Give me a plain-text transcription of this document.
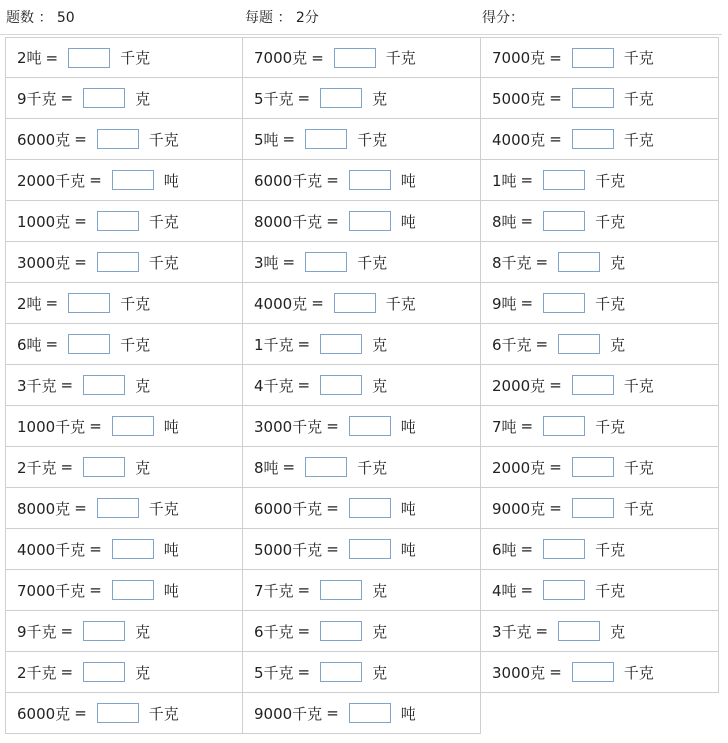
题数 ： 50	每题 ： 2分	得分：
2吨 =	千克	7000克 =	千克	7000克 =	千克
9千克 =	克	5千克 =	克	5000克 =	千克
6000克 =	千克	5吨 =	千克	4000克 =	千克
2000千克 =	吨	6000千克 =	吨	1吨 =	千克
1000克 =	千克	8000千克 =	吨	8吨 =	千克
3000克 =	千克	3吨 =	千克	8千克 =	克
2吨 =	千克	4000克 =	千克	9吨 =	千克
6吨 =	千克	1千克 =	克	6千克 =	克
3千克 =	克	4千克 =	克	2000克 =	千克
1000千克 =	吨	3000千克 =	吨	7吨 =	千克
2千克 =	克	8吨 =	千克	2000克 =	千克
8000克 =	千克	6000千克 =	吨	9000克 =	千克
4000千克 =	吨	5000千克 =	吨	6吨 =	千克
7000千克 =	吨	7千克 =	克	4吨 =	千克
9千克 =	克	6千克 =	克	3千克 =	克
2千克 =	克	5千克 =	克	3000克 =	千克
6000克 =	千克	9000千克 =	吨
